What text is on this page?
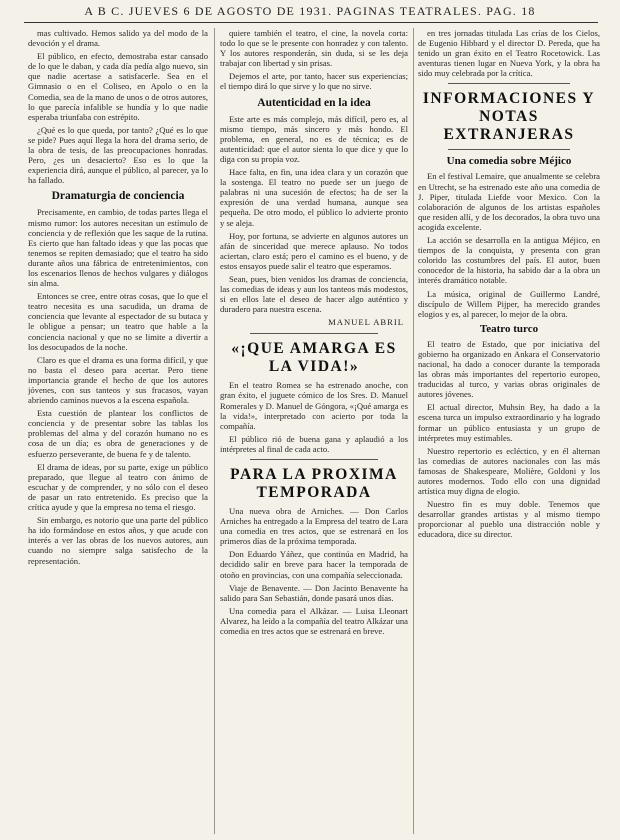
A B C. JUEVES 6 DE AGOSTO DE 1931. PAGINAS TEATRALES. PAG. 18

mas cultivado. Hemos salido ya del modo de la devoción y el drama.

El público, en efecto, demostraba estar cansado de lo que le daban, y cada día pedía algo nuevo, sin que nadie acertase a satisfacerle. Sea en el Gimnasio o en el Coliseo, en Apolo o en la Comedia, sea de la mano de unos o de otros autores, lo que parecía infalible se hundía y lo que nadie esperaba triunfaba con estrépito.

¿Qué es lo que queda, por tanto? ¿Qué es lo que se pide? Pues aquí llega la hora del drama serio, de la obra de tesis, de las preocupaciones honradas. Pero, ¿es un desacierto? Eso es lo que la experiencia dirá, aunque el público, al parecer, ya lo ha fallado.

Dramaturgia de conciencia

Precisamente, en cambio, de todas partes llega el mismo rumor: los autores necesitan un estímulo de conciencia y de reflexión que les saque de la rutina. Es cierto que han faltado ideas y que las pocas que tenemos se repiten demasiado; que el teatro ha sido durante años una fábrica de entretenimientos, con los escenarios llenos de hechos vulgares y diálogos sin alma.

Entonces se cree, entre otras cosas, que lo que el teatro necesita es una sacudida, un drama de conciencia que levante al espectador de su butaca y le obligue a pensar; un teatro que hable a la conciencia nacional y que no se limite a divertir a los desocupados de la noche.

Claro es que el drama es una forma difícil, y que no basta el deseo para acertar. Pero tiene importancia grande el hecho de que los autores jóvenes, con sus tanteos y sus fracasos, vayan abriendo caminos nuevos a la escena española.

Esta cuestión de plantear los conflictos de conciencia y de presentar sobre las tablas los problemas del alma y del corazón humano no es cosa de un día; es obra de generaciones y de esfuerzo perseverante, de buena fe y de talento.

El drama de ideas, por su parte, exige un público preparado, que llegue al teatro con ánimo de escuchar y de comprender, y no sólo con el deseo de pasar un rato entretenido. Es preciso que la crítica ayude y que la empresa no tema el riesgo.

Sin embargo, es notorio que una parte del público ha ido formándose en estos años, y que acude con interés a ver las obras de los nuevos autores, aun cuando no siempre salga satisfecho de la representación.

quiere también el teatro, el cine, la novela corta: todo lo que se le presente con honradez y con talento. Y los autores responderán, sin duda, si se les deja trabajar con libertad y sin prisas.

Dejemos el arte, por tanto, hacer sus experiencias; el tiempo dirá lo que sirve y lo que no sirve.

Autenticidad en la idea

Este arte es más complejo, más difícil, pero es, al mismo tiempo, más sincero y más hondo. El problema, en general, no es de técnica; es de autenticidad: que el autor sienta lo que dice y que lo diga con su propia voz.

Hace falta, en fin, una idea clara y un corazón que la sostenga. El teatro no puede ser un juego de palabras ni una sucesión de efectos; ha de ser la expresión de una verdad humana, aunque sea pequeña. De otro modo, el público lo advierte pronto y se aleja.

Hoy, por fortuna, se advierte en algunos autores un afán de sinceridad que merece aplauso. No todos aciertan, claro está; pero el camino es el bueno, y de estos ensayos puede salir el teatro que esperamos.

Sean, pues, bien venidos los dramas de conciencia, las comedias de ideas y aun los tanteos más modestos, si en ellos late el deseo de hacer algo auténtico y duradero para nuestra escena.

MANUEL ABRIL
«¡QUE AMARGA ES LA VIDA!»

En el teatro Romea se ha estrenado anoche, con gran éxito, el juguete cómico de los Sres. D. Manuel Romerales y D. Manuel de Góngora, «¡Qué amarga es la vida!», interpretado con acierto por toda la compañía.

El público rió de buena gana y aplaudió a los intérpretes al final de cada acto.

PARA LA PROXIMA TEMPORADA

Una nueva obra de Arniches. — Don Carlos Arniches ha entregado a la Empresa del teatro de Lara una comedia en tres actos, que se estrenará en los primeros días de la próxima temporada.

Don Eduardo Yáñez, que continúa en Madrid, ha decidido salir en breve para hacer la temporada de otoño en provincias, con una compañía seleccionada.

Viaje de Benavente. — Don Jacinto Benavente ha salido para San Sebastián, donde pasará unos días.

Una comedia para el Alkázar. — Luisa Lleonart Alvarez, ha leído a la compañía del teatro Alkázar una comedia en tres actos que se estrenará en breve.

en tres jornadas titulada Las crías de los Cielos, de Eugenio Hibbard y el director D. Pereda, que ha tenido un gran éxito en el Teatro Rocetowick. Las aventuras tienen lugar en Nueva York, y la obra ha sido muy celebrada por la crítica.

INFORMACIONES Y NOTAS EXTRANJERAS
Una comedia sobre Méjico

En el festival Lemaire, que anualmente se celebra en Utrecht, se ha estrenado este año una comedia de J. Piper, titulada Liefde voor Mexico. Con la colaboración de algunos de los artistas españoles que residen allí, y de los decorados, la obra tuvo una acogida excelente.

La acción se desarrolla en la antigua Méjico, en tiempos de la conquista, y presenta con gran colorido las costumbres del país. El autor, buen conocedor de la historia, ha sabido dar a la obra un interés dramático notable.

La música, original de Guillermo Landré, discípulo de Willem Pijper, ha merecido grandes elogios y es, al parecer, lo mejor de la obra.

Teatro turco

El teatro de Estado, que por iniciativa del gobierno ha organizado en Ankara el Conservatorio nacional, ha dado a conocer durante la temporada las obras más importantes del repertorio europeo, traducidas al turco, y varias obras originales de autores jóvenes.

El actual director, Muhsin Bey, ha dado a la escena turca un impulso extraordinario y ha logrado formar un público entusiasta y un grupo de intérpretes muy estimables.

Nuestro repertorio es ecléctico, y en él alternan las comedias de autores nacionales con las más famosas de Shakespeare, Molière, Goldoni y los autores modernos. Todo ello con una dignidad artística muy digna de elogio.

Nuestro fin es muy doble. Tenemos que desarrollar grandes artistas y al mismo tiempo proporcionar al pueblo una distracción noble y educadora, dice su director.
